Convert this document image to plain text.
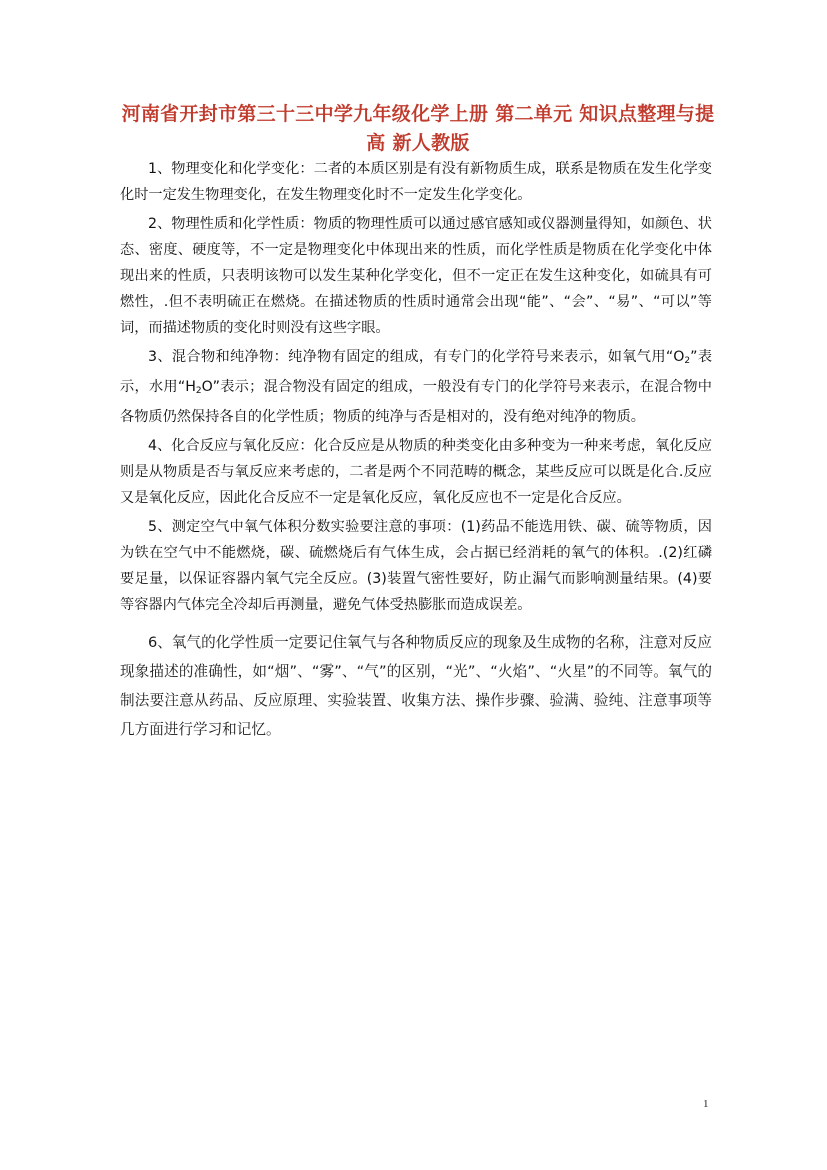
河南省开封市第三十三中学九年级化学上册 第二单元 知识点整理与提高 新人教版

1、物理变化和化学变化：二者的本质区别是有没有新物质生成，联系是物质在发生化学变化时一定发生物理变化，在发生物理变化时不一定发生化学变化。

2、物理性质和化学性质：物质的物理性质可以通过感官感知或仪器测量得知，如颜色、状态、密度、硬度等，不一定是物理变化中体现出来的性质，而化学性质是物质在化学变化中体现出来的性质，只表明该物可以发生某种化学变化，但不一定正在发生这种变化，如硫具有可燃性，.但不表明硫正在燃烧。在描述物质的性质时通常会出现“能”、“会”、“易”、“可以”等词，而描述物质的变化时则没有这些字眼。

3、混合物和纯净物：纯净物有固定的组成，有专门的化学符号来表示，如氧气用“$O_2$”表示，水用“$H_2O$”表示；混合物没有固定的组成，一般没有专门的化学符号来表示，在混合物中各物质仍然保持各自的化学性质；物质的纯净与否是相对的，没有绝对纯净的物质。

4、化合反应与氧化反应：化合反应是从物质的种类变化由多种变为一种来考虑，氧化反应则是从物质是否与氧反应来考虑的，二者是两个不同范畴的概念，某些反应可以既是化合.反应又是氧化反应，因此化合反应不一定是氧化反应，氧化反应也不一定是化合反应。

5、测定空气中氧气体积分数实验要注意的事项：(1)药品不能选用铁、碳、硫等物质，因为铁在空气中不能燃烧，碳、硫燃烧后有气体生成，会占据已经消耗的氧气的体积。.(2)红磷要足量，以保证容器内氧气完全反应。(3)装置气密性要好，防止漏气而影响测量结果。(4)要等容器内气体完全冷却后再测量，避免气体受热膨胀而造成误差。

6、氧气的化学性质一定要记住氧气与各种物质反应的现象及生成物的名称，注意对反应现象描述的准确性，如“烟”、“雾”、“气”的区别，“光”、“火焰”、“火星”的不同等。氧气的制法要注意从药品、反应原理、实验装置、收集方法、操作步骤、验满、验纯、注意事项等几方面进行学习和记忆。

1
